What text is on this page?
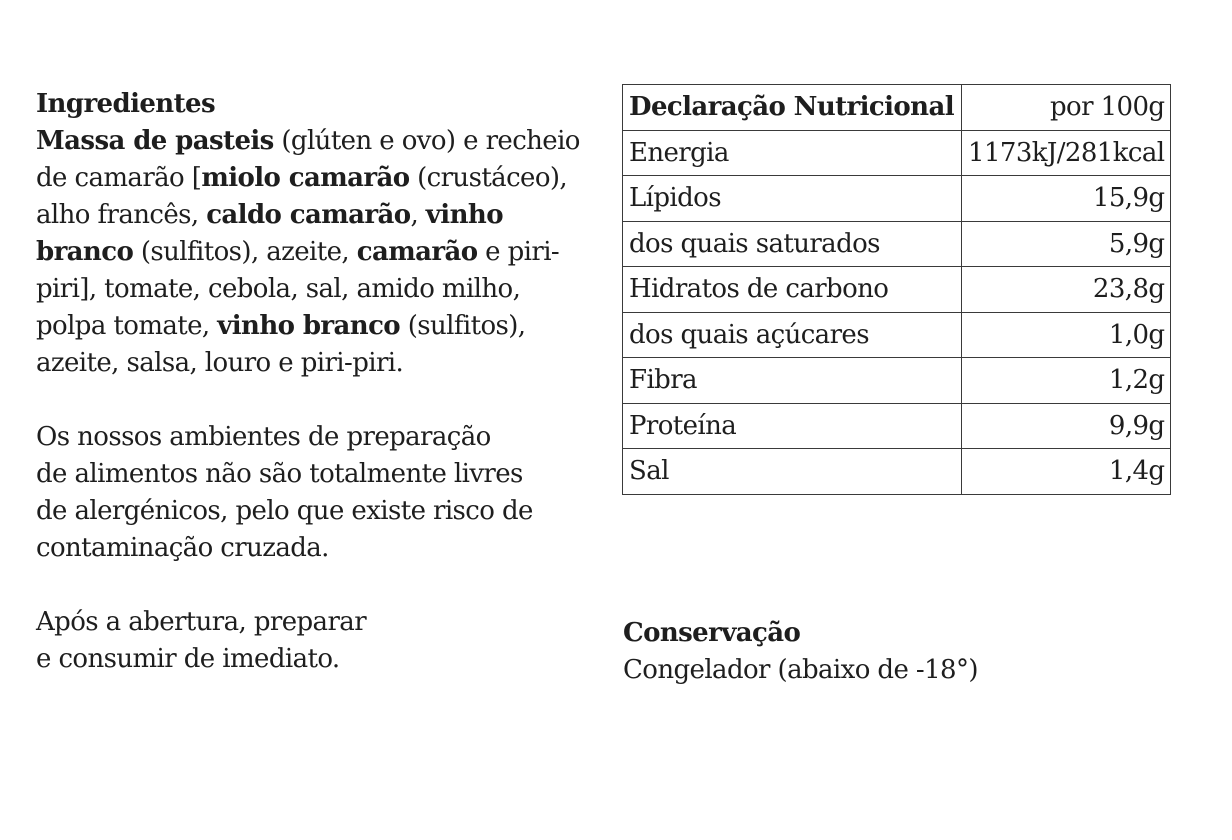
Ingredientes

Massa de pasteis (glúten e ovo) e recheio
de camarão [miolo camarão (crustáceo),
alho francês, caldo camarão, vinho
branco (sulfitos), azeite, camarão e piri-
piri], tomate, cebola, sal, amido milho,
polpa tomate, vinho branco (sulfitos),
azeite, salsa, louro e piri-piri.

Os nossos ambientes de preparação
de alimentos não são totalmente livres
de alergénicos, pelo que existe risco de
contaminação cruzada.
Após a abertura, preparar
e consumir de imediato.
Declaração Nutricional	por 100g
Energia	1173kJ/281kcal
Lípidos	15,9g
dos quais saturados	5,9g
Hidratos de carbono	23,8g
dos quais açúcares	1,0g
Fibra	1,2g
Proteína	9,9g
Sal	1,4g

Conservação

Congelador (abaixo de -18°)
